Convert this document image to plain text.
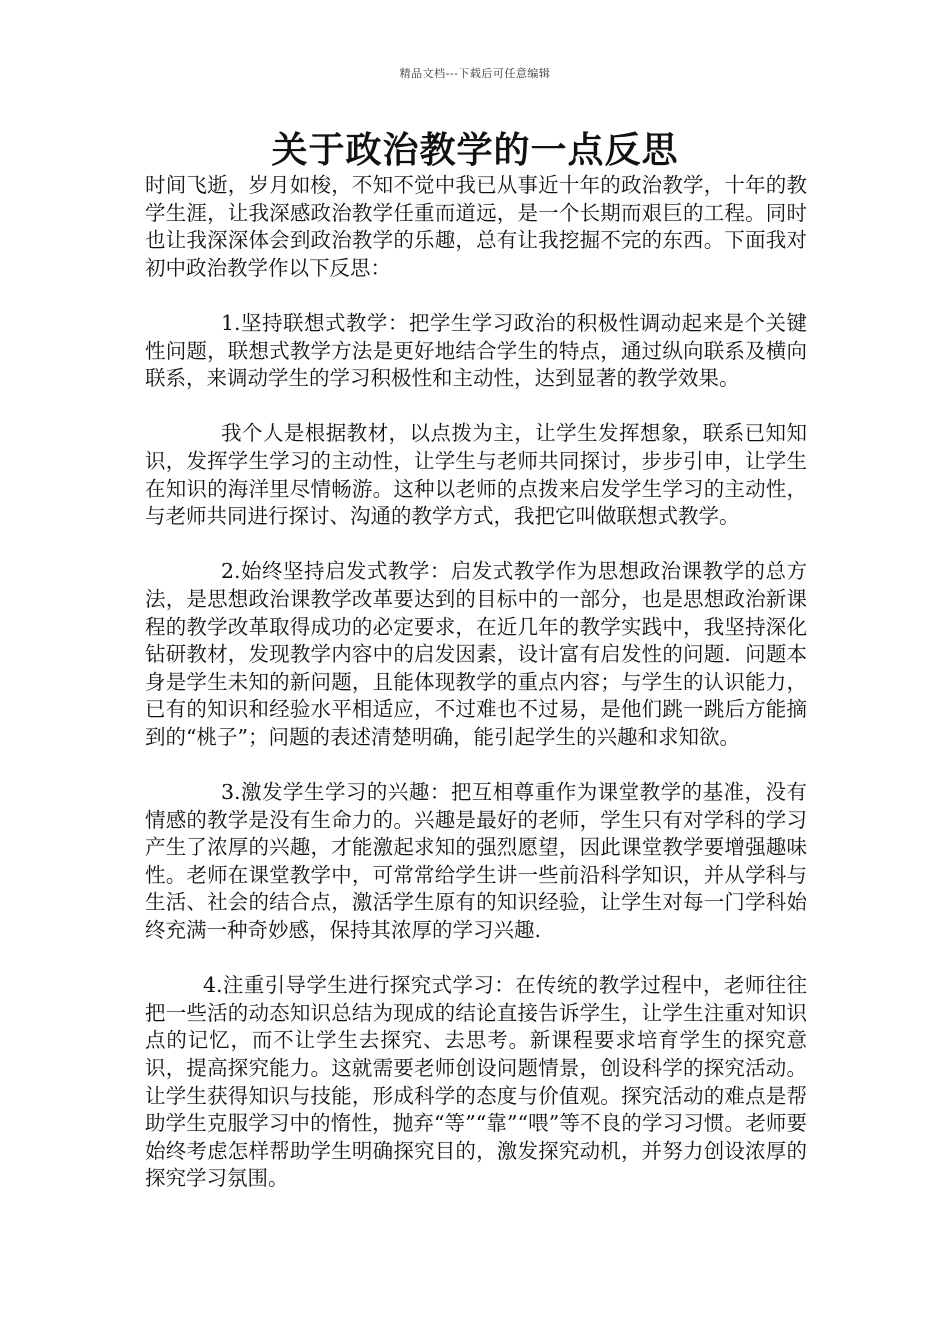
精品文档---下载后可任意编辑
关于政治教学的一点反思

时间飞逝，岁月如梭，不知不觉中我已从事近十年的政治教学，十年的教学生涯，让我深感政治教学任重而道远，是一个长期而艰巨的工程。同时也让我深深体会到政治教学的乐趣，总有让我挖掘不完的东西。下面我对初中政治教学作以下反思：

1.坚持联想式教学：把学生学习政治的积极性调动起来是个关键性问题，联想式教学方法是更好地结合学生的特点，通过纵向联系及横向联系，来调动学生的学习积极性和主动性，达到显著的教学效果。

我个人是根据教材，以点拨为主，让学生发挥想象，联系已知知识，发挥学生学习的主动性，让学生与老师共同探讨，步步引申，让学生在知识的海洋里尽情畅游。这种以老师的点拨来启发学生学习的主动性，与老师共同进行探讨、沟通的教学方式，我把它叫做联想式教学。

2.始终坚持启发式教学：启发式教学作为思想政治课教学的总方法，是思想政治课教学改革要达到的目标中的一部分，也是思想政治新课程的教学改革取得成功的必定要求，在近几年的教学实践中，我坚持深化钻研教材，发现教学内容中的启发因素，设计富有启发性的问题．问题本身是学生未知的新问题，且能体现教学的重点内容；与学生的认识能力，已有的知识和经验水平相适应，不过难也不过易，是他们跳一跳后方能摘到的“桃子”；问题的表述清楚明确，能引起学生的兴趣和求知欲。

3.激发学生学习的兴趣：把互相尊重作为课堂教学的基准，没有情感的教学是没有生命力的。兴趣是最好的老师，学生只有对学科的学习产生了浓厚的兴趣，才能激起求知的强烈愿望，因此课堂教学要增强趣味性。老师在课堂教学中，可常常给学生讲一些前沿科学知识，并从学科与生活、社会的结合点，激活学生原有的知识经验，让学生对每一门学科始终充满一种奇妙感，保持其浓厚的学习兴趣.

4.注重引导学生进行探究式学习：在传统的教学过程中，老师往往把一些活的动态知识总结为现成的结论直接告诉学生，让学生注重对知识点的记忆，而不让学生去探究、去思考。新课程要求培育学生的探究意识，提高探究能力。这就需要老师创设问题情景，创设科学的探究活动。让学生获得知识与技能，形成科学的态度与价值观。探究活动的难点是帮助学生克服学习中的惰性，抛弃“等”“靠”“喂”等不良的学习习惯。老师要始终考虑怎样帮助学生明确探究目的，激发探究动机，并努力创设浓厚的探究学习氛围。
